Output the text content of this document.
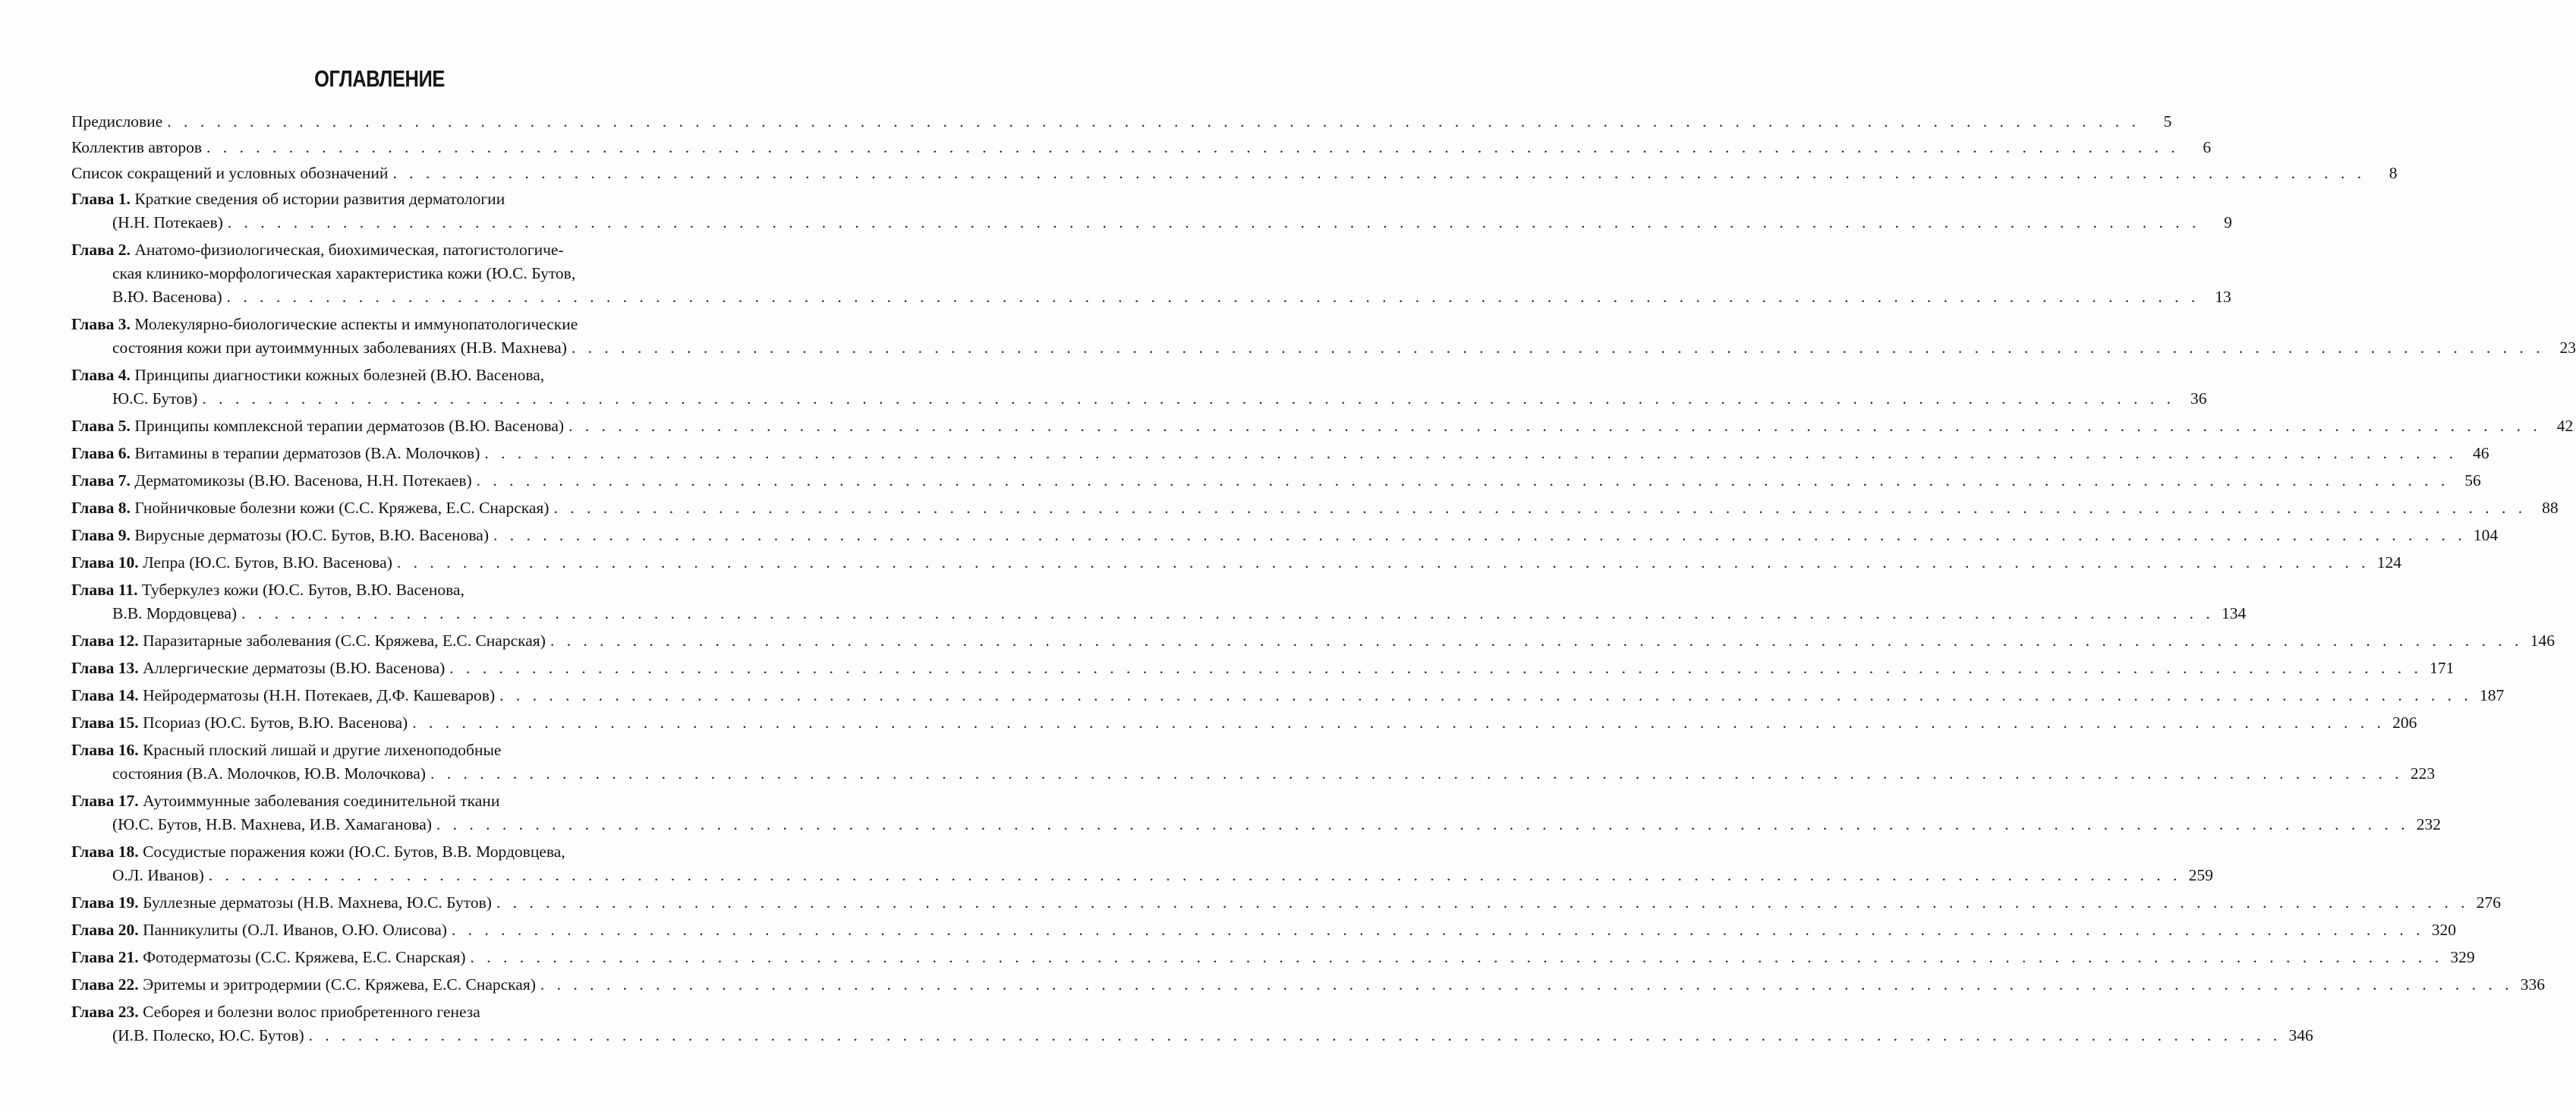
ОГЛАВЛЕНИЕ
Предисловие . . . . . . . . . . . . . . . . . . . . . . . . . . . . . . . . . . . . . . . . . . . . . . . . . . . . . . . . . . . . . . . . . . . . . . . . . . . . . . . . . . . . . . . . . . . . . . . . . . . . . . . . . . . . . . . . . . . . . . . .	5
Коллектив авторов . . . . . . . . . . . . . . . . . . . . . . . . . . . . . . . . . . . . . . . . . . . . . . . . . . . . . . . . . . . . . . . . . . . . . . . . . . . . . . . . . . . . . . . . . . . . . . . . . . . . . . . . . . . . . . . . . . . . . . . .	6
Список сокращений и условных обозначений . . . . . . . . . . . . . . . . . . . . . . . . . . . . . . . . . . . . . . . . . . . . . . . . . . . . . . . . . . . . . . . . . . . . . . . . . . . . . . . . . . . . . . . . . . . . . . . . . . . . . . . . . . . . . . . . . . . . . . . .	8
Глава 1. Краткие сведения об истории развития дерматологии
(Н.Н. Потекаев) . . . . . . . . . . . . . . . . . . . . . . . . . . . . . . . . . . . . . . . . . . . . . . . . . . . . . . . . . . . . . . . . . . . . . . . . . . . . . . . . . . . . . . . . . . . . . . . . . . . . . . . . . . . . . . . . . . . . . . . .	9
Глава 2. Анатомо-физиологическая, биохимическая, патогистологиче-
ская клинико-морфологическая характеристика кожи (Ю.С. Бутов,
В.Ю. Васенова) . . . . . . . . . . . . . . . . . . . . . . . . . . . . . . . . . . . . . . . . . . . . . . . . . . . . . . . . . . . . . . . . . . . . . . . . . . . . . . . . . . . . . . . . . . . . . . . . . . . . . . . . . . . . . . . . . . . . . . . . 13
Глава 3. Молекулярно-биологические аспекты и иммунопатологические
состояния кожи при аутоиммунных заболеваниях (Н.В. Махнева) . . . . . . . . . . . . . . . . . . . . . . . . . . . . . . . . . . . . . . . . . . . . . . . . . . . . . . . . . . . . . . . . . . . . . . . . . . . . . . . . . . . . . . . . . . . . . . . . . . . . . . . . . . . . . . . . . . . . . . . . 23
Глава 4. Принципы диагностики кожных болезней (В.Ю. Васенова,
Ю.С. Бутов) . . . . . . . . . . . . . . . . . . . . . . . . . . . . . . . . . . . . . . . . . . . . . . . . . . . . . . . . . . . . . . . . . . . . . . . . . . . . . . . . . . . . . . . . . . . . . . . . . . . . . . . . . . . . . . . . . . . . . . . . 36
Глава 5. Принципы комплексной терапии дерматозов (В.Ю. Васенова) . . . . . . . . . . . . . . . . . . . . . . . . . . . . . . . . . . . . . . . . . . . . . . . . . . . . . . . . . . . . . . . . . . . . . . . . . . . . . . . . . . . . . . . . . . . . . . . . . . . . . . . . . . . . . . . . . . . . . . . . 42
Глава 6. Витамины в терапии дерматозов (В.А. Молочков) . . . . . . . . . . . . . . . . . . . . . . . . . . . . . . . . . . . . . . . . . . . . . . . . . . . . . . . . . . . . . . . . . . . . . . . . . . . . . . . . . . . . . . . . . . . . . . . . . . . . . . . . . . . . . . . . . . . . . . . . 46
Глава 7. Дерматомикозы (В.Ю. Васенова, Н.Н. Потекаев) . . . . . . . . . . . . . . . . . . . . . . . . . . . . . . . . . . . . . . . . . . . . . . . . . . . . . . . . . . . . . . . . . . . . . . . . . . . . . . . . . . . . . . . . . . . . . . . . . . . . . . . . . . . . . . . . . . . . . . . . 56
Глава 8. Гнойничковые болезни кожи (С.С. Кряжева, Е.С. Снарская) . . . . . . . . . . . . . . . . . . . . . . . . . . . . . . . . . . . . . . . . . . . . . . . . . . . . . . . . . . . . . . . . . . . . . . . . . . . . . . . . . . . . . . . . . . . . . . . . . . . . . . . . . . . . . . . . . . . . . . . . 88
Глава 9. Вирусные дерматозы (Ю.С. Бутов, В.Ю. Васенова) . . . . . . . . . . . . . . . . . . . . . . . . . . . . . . . . . . . . . . . . . . . . . . . . . . . . . . . . . . . . . . . . . . . . . . . . . . . . . . . . . . . . . . . . . . . . . . . . . . . . . . . . . . . . . . . . . . . . . . . . 104
Глава 10. Лепра (Ю.С. Бутов, В.Ю. Васенова) . . . . . . . . . . . . . . . . . . . . . . . . . . . . . . . . . . . . . . . . . . . . . . . . . . . . . . . . . . . . . . . . . . . . . . . . . . . . . . . . . . . . . . . . . . . . . . . . . . . . . . . . . . . . . . . . . . . . . . . . 124
Глава 11. Туберкулез кожи (Ю.С. Бутов, В.Ю. Васенова,
В.В. Мордовцева) . . . . . . . . . . . . . . . . . . . . . . . . . . . . . . . . . . . . . . . . . . . . . . . . . . . . . . . . . . . . . . . . . . . . . . . . . . . . . . . . . . . . . . . . . . . . . . . . . . . . . . . . . . . . . . . . . . . . . . . . 134
Глава 12. Паразитарные заболевания (С.С. Кряжева, Е.С. Снарская) . . . . . . . . . . . . . . . . . . . . . . . . . . . . . . . . . . . . . . . . . . . . . . . . . . . . . . . . . . . . . . . . . . . . . . . . . . . . . . . . . . . . . . . . . . . . . . . . . . . . . . . . . . . . . . . . . . . . . . . . 146
Глава 13. Аллергические дерматозы (В.Ю. Васенова) . . . . . . . . . . . . . . . . . . . . . . . . . . . . . . . . . . . . . . . . . . . . . . . . . . . . . . . . . . . . . . . . . . . . . . . . . . . . . . . . . . . . . . . . . . . . . . . . . . . . . . . . . . . . . . . . . . . . . . . . 171
Глава 14. Нейродерматозы (Н.Н. Потекаев, Д.Ф. Кашеваров) . . . . . . . . . . . . . . . . . . . . . . . . . . . . . . . . . . . . . . . . . . . . . . . . . . . . . . . . . . . . . . . . . . . . . . . . . . . . . . . . . . . . . . . . . . . . . . . . . . . . . . . . . . . . . . . . . . . . . . . . 187
Глава 15. Псориаз (Ю.С. Бутов, В.Ю. Васенова) . . . . . . . . . . . . . . . . . . . . . . . . . . . . . . . . . . . . . . . . . . . . . . . . . . . . . . . . . . . . . . . . . . . . . . . . . . . . . . . . . . . . . . . . . . . . . . . . . . . . . . . . . . . . . . . . . . . . . . . . 206
Глава 16. Красный плоский лишай и другие лихеноподобные
состояния (В.А. Молочков, Ю.В. Молочкова) . . . . . . . . . . . . . . . . . . . . . . . . . . . . . . . . . . . . . . . . . . . . . . . . . . . . . . . . . . . . . . . . . . . . . . . . . . . . . . . . . . . . . . . . . . . . . . . . . . . . . . . . . . . . . . . . . . . . . . . . 223
Глава 17. Аутоиммунные заболевания соединительной ткани
(Ю.С. Бутов, Н.В. Махнева, И.В. Хамаганова) . . . . . . . . . . . . . . . . . . . . . . . . . . . . . . . . . . . . . . . . . . . . . . . . . . . . . . . . . . . . . . . . . . . . . . . . . . . . . . . . . . . . . . . . . . . . . . . . . . . . . . . . . . . . . . . . . . . . . . . . 232
Глава 18. Сосудистые поражения кожи (Ю.С. Бутов, В.В. Мордовцева,
О.Л. Иванов) . . . . . . . . . . . . . . . . . . . . . . . . . . . . . . . . . . . . . . . . . . . . . . . . . . . . . . . . . . . . . . . . . . . . . . . . . . . . . . . . . . . . . . . . . . . . . . . . . . . . . . . . . . . . . . . . . . . . . . . . 259
Глава 19. Буллезные дерматозы (Н.В. Махнева, Ю.С. Бутов) . . . . . . . . . . . . . . . . . . . . . . . . . . . . . . . . . . . . . . . . . . . . . . . . . . . . . . . . . . . . . . . . . . . . . . . . . . . . . . . . . . . . . . . . . . . . . . . . . . . . . . . . . . . . . . . . . . . . . . . . 276
Глава 20. Панникулиты (О.Л. Иванов, О.Ю. Олисова) . . . . . . . . . . . . . . . . . . . . . . . . . . . . . . . . . . . . . . . . . . . . . . . . . . . . . . . . . . . . . . . . . . . . . . . . . . . . . . . . . . . . . . . . . . . . . . . . . . . . . . . . . . . . . . . . . . . . . . . . 320
Глава 21. Фотодерматозы (С.С. Кряжева, Е.С. Снарская) . . . . . . . . . . . . . . . . . . . . . . . . . . . . . . . . . . . . . . . . . . . . . . . . . . . . . . . . . . . . . . . . . . . . . . . . . . . . . . . . . . . . . . . . . . . . . . . . . . . . . . . . . . . . . . . . . . . . . . . . 329
Глава 22. Эритемы и эритродермии (С.С. Кряжева, Е.С. Снарская) . . . . . . . . . . . . . . . . . . . . . . . . . . . . . . . . . . . . . . . . . . . . . . . . . . . . . . . . . . . . . . . . . . . . . . . . . . . . . . . . . . . . . . . . . . . . . . . . . . . . . . . . . . . . . . . . . . . . . . . . 336
Глава 23. Себорея и болезни волос приобретенного генеза
(И.В. Полеско, Ю.С. Бутов) . . . . . . . . . . . . . . . . . . . . . . . . . . . . . . . . . . . . . . . . . . . . . . . . . . . . . . . . . . . . . . . . . . . . . . . . . . . . . . . . . . . . . . . . . . . . . . . . . . . . . . . . . . . . . . . . . . . . . . . . 346
